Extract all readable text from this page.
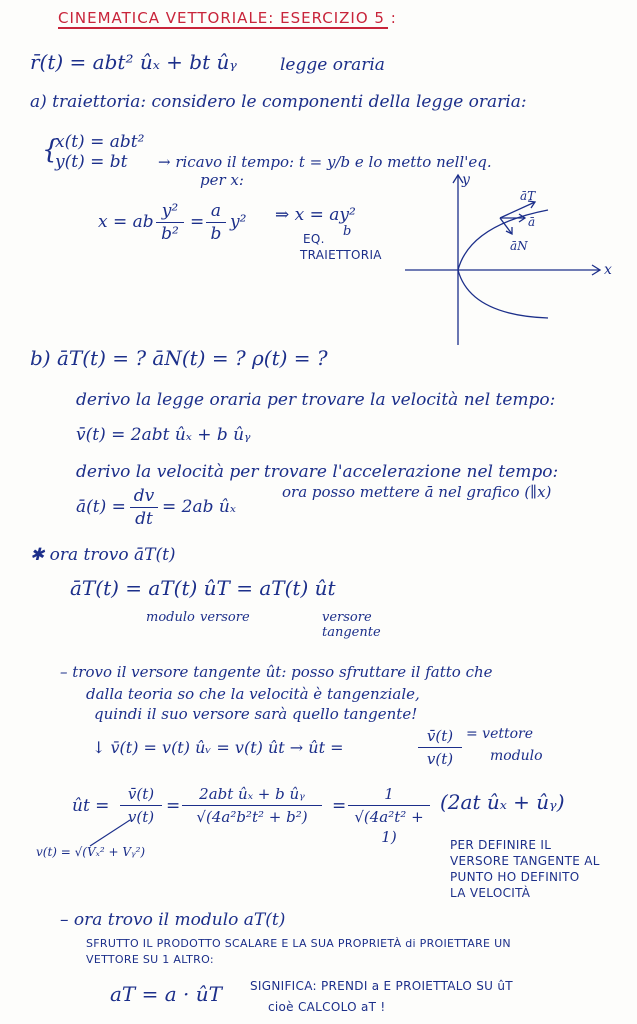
CINEMATICA VETTORIALE: ESERCIZIO 5 :
r̄(t) = abt² ûₓ + bt ûᵧ	legge oraria
a) traiettoria: considero le componenti della legge oraria:
{
x(t) = abt²
y(t) = bt → ricavo il tempo: t = y/b e lo metto nell'eq.
per x:
x = ab
y²
b²
=
a
b
y² ⇒ x = ay²
b
EQ.
TRAIETTORIA
x
y
āT
ā
āN
b) āT(t) = ? āN(t) = ? ρ(t) = ?
derivo la legge oraria per trovare la velocità nel tempo:
v̄(t) = 2abt ûₓ + b ûᵧ
derivo la velocità per trovare l'accelerazione nel tempo:
ā(t) =
dv
dt
= 2ab ûₓ
ora posso mettere ā nel grafico (∥x)
✱ ora trovo āT(t)
āT(t) = aT(t) ûT = aT(t) ût
modulo versore	versore tangente
– trovo il versore tangente ût: posso sfruttare il fatto che
dalla teoria so che la velocità è tangenziale,
quindi il suo versore sarà quello tangente!
↓ v̄(t) = v(t) ûᵥ = v(t) ût → ût =
v̄(t)
v(t)
= vettore
modulo
ût =
v̄(t)
v(t)
=
2abt ûₓ + b ûᵧ
√(4a²b²t² + b²)
=
1
√(4a²t² + 1)
(2at ûₓ + ûᵧ)
v(t) = √(Vₓ² + Vᵧ²)	PER DEFINIRE IL
VERSORE TANGENTE AL
PUNTO HO DEFINITO
LA VELOCITÀ
– ora trovo il modulo aT(t)
SFRUTTO IL PRODOTTO SCALARE E LA SUA PROPRIETÀ di PROIETTARE UN
VETTORE SU 1 ALTRO:
aT = a · ûT SIGNIFICA: PRENDI a E PROIETTALO SU ûT
cioè CALCOLO aT !
